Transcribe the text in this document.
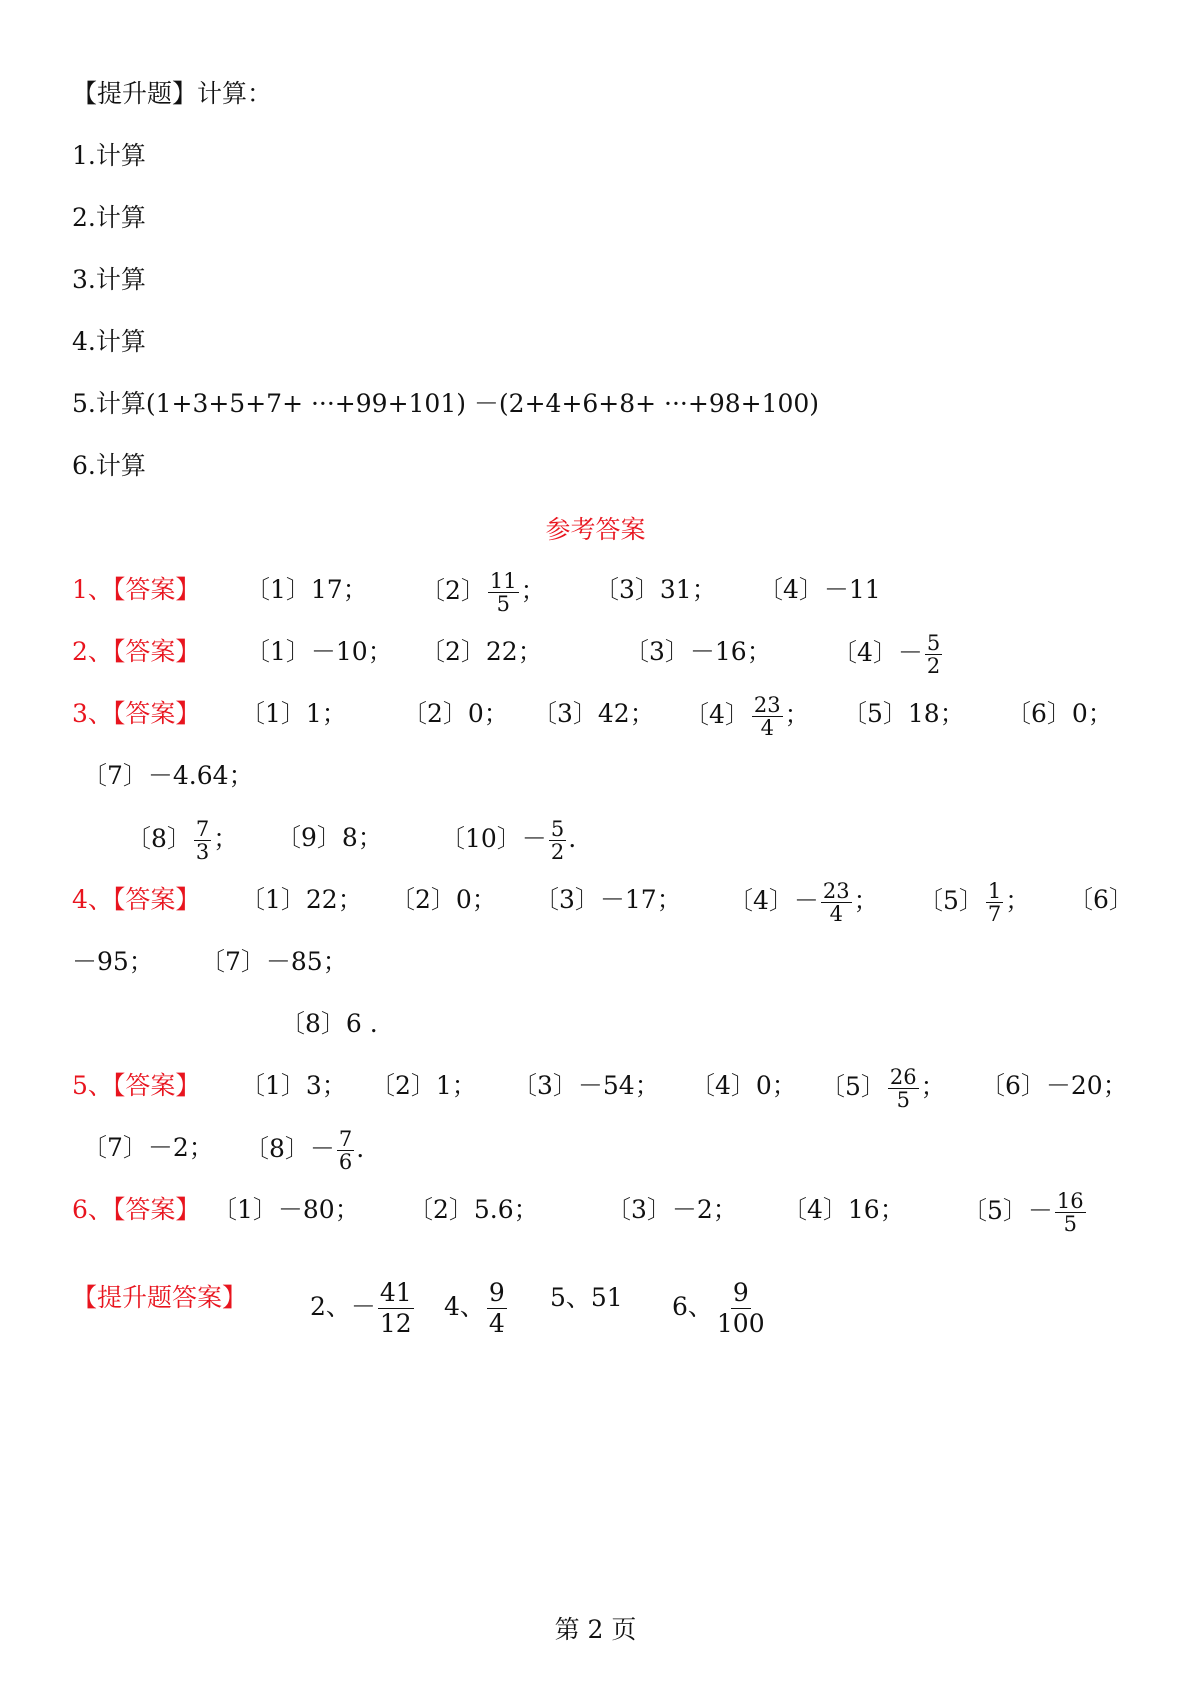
【提升题】计算：
1.计算
2.计算
3.计算
4.计算
5.计算(1+3+5+7+ ···+99+101) －(2+4+6+8+ ···+98+100)
6.计算
参考答案
1、【答案】 〔1〕17； 〔2〕 $\frac{11}{5}$ ； 〔3〕31； 〔4〕－11
2、【答案】 〔1〕－10； 〔2〕22；	〔3〕－16； 〔4〕－ $\frac{5}{2}$
3、【答案】 〔1〕1； 〔2〕0； 〔3〕42； 〔4〕 $\frac{23}{4}$ ； 〔5〕18； 〔6〕0；
〔7〕－4.64；
〔8〕 $\frac{7}{3}$ ； 〔9〕8； 〔10〕－ $\frac{5}{2}$ .
4、【答案】 〔1〕22； 〔2〕0； 〔3〕－17； 〔4〕－ $\frac{23}{4}$ ； 〔5〕 $\frac{1}{7}$ ； 〔6〕
－95； 〔7〕－85；
〔8〕6 .
5、【答案】 〔1〕3； 〔2〕1； 〔3〕－54； 〔4〕0； 〔5〕 $\frac{26}{5}$ ； 〔6〕－20；
〔7〕－2； 〔8〕－ $\frac{7}{6}$ .
6、【答案】 〔1〕－80； 〔2〕5.6；	〔3〕－2； 〔4〕16； 〔5〕－ $\frac{16}{5}$
【提升题答案】	2、－ $\frac{41}{12} 4$、 $\frac{9}{4} 5$、51 6、 $\frac{9}{100}$
第 2 页
